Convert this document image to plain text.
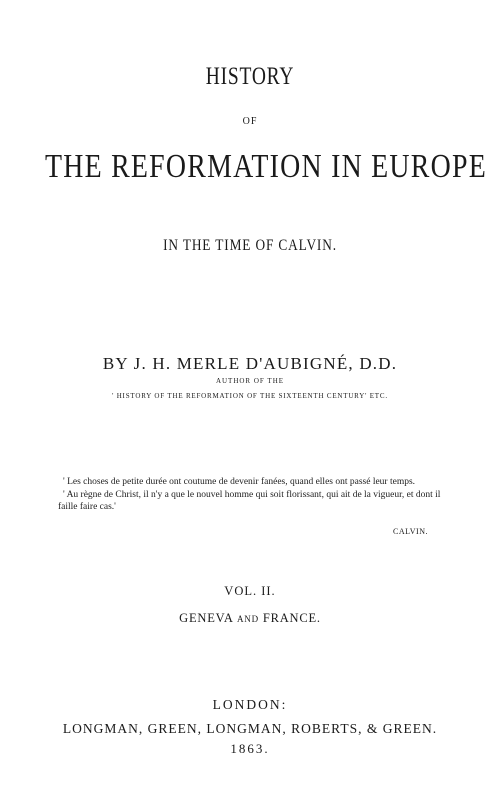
HISTORY
OF
THE REFORMATION IN EUROPE
IN THE TIME OF CALVIN.
BY J. H. MERLE D'AUBIGNÉ, D.D.
AUTHOR OF THE
' HISTORY OF THE REFORMATION OF THE SIXTEENTH CENTURY' ETC.

' Les choses de petite durée ont coutume de devenir fanées, quand elles ont passé leur temps.

' Au règne de Christ, il n'y a que le nouvel homme qui soit florissant, qui ait de la vigueur, et dont il faille faire cas.'

CALVIN.
VOL. II.
GENEVA AND FRANCE.
LONDON:
LONGMAN, GREEN, LONGMAN, ROBERTS, & GREEN.
1863.
